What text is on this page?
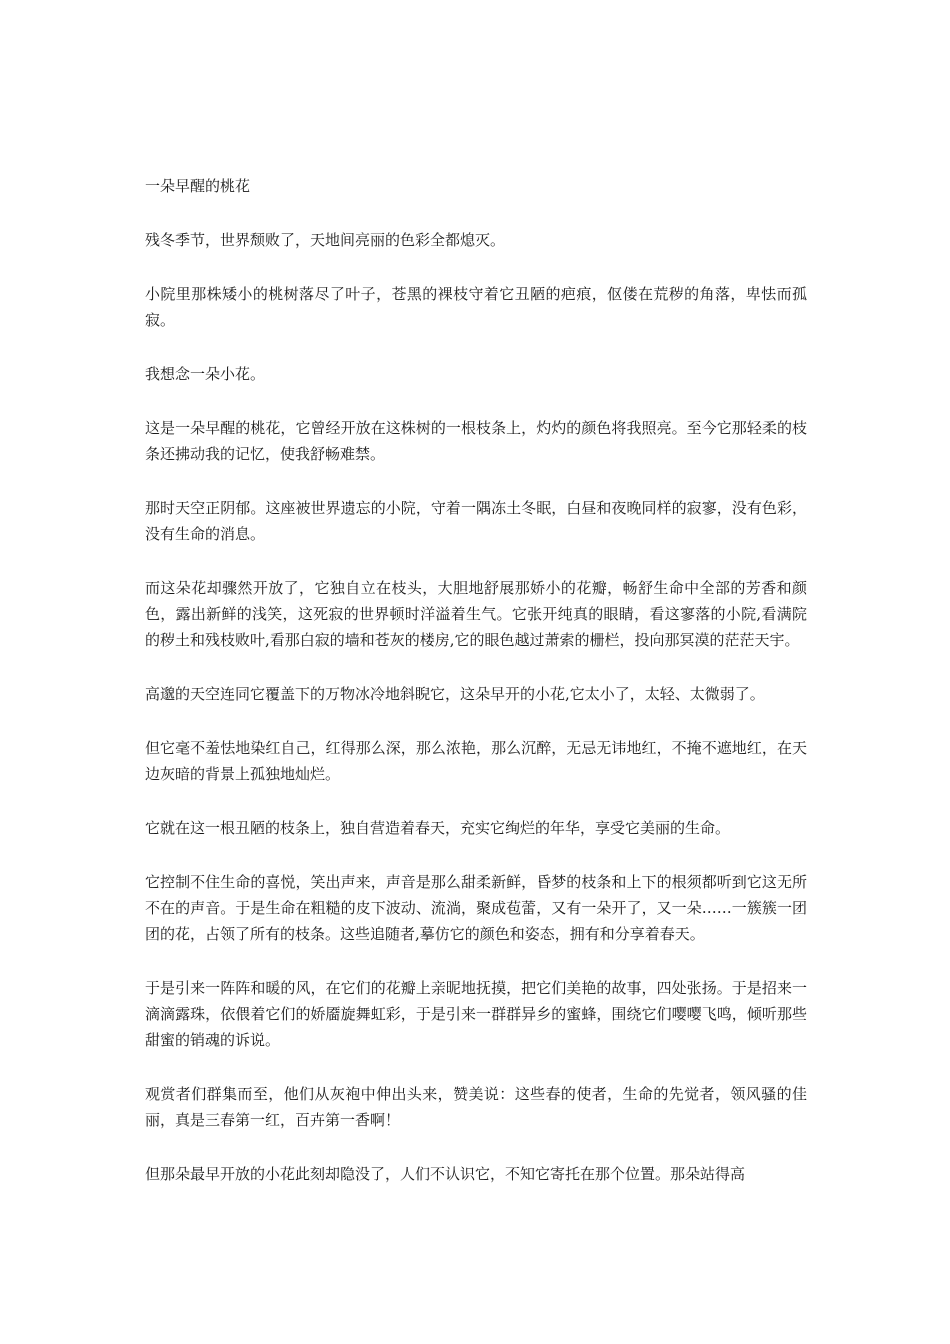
一朵早醒的桃花

残冬季节，世界颓败了，天地间亮丽的色彩全都熄灭。

小院里那株矮小的桃树落尽了叶子，苍黑的裸枝守着它丑陋的疤痕，伛偻在荒秽的角落，卑怯而孤寂。

我想念一朵小花。

这是一朵早醒的桃花，它曾经开放在这株树的一根枝条上，灼灼的颜色将我照亮。至今它那轻柔的枝条还拂动我的记忆，使我舒畅难禁。

那时天空正阴郁。这座被世界遗忘的小院，守着一隅冻土冬眠，白昼和夜晚同样的寂寥，没有色彩，没有生命的消息。

而这朵花却骤然开放了，它独自立在枝头，大胆地舒展那娇小的花瓣，畅舒生命中全部的芳香和颜色，露出新鲜的浅笑，这死寂的世界顿时洋溢着生气。它张开纯真的眼睛，看这寥落的小院,看满院的秽土和残枝败叶,看那白寂的墙和苍灰的楼房,它的眼色越过萧索的栅栏，投向那冥漠的茫茫天宇。

高邈的天空连同它覆盖下的万物冰冷地斜睨它，这朵早开的小花,它太小了，太轻、太微弱了。

但它毫不羞怯地染红自己，红得那么深，那么浓艳，那么沉醉，无忌无讳地红，不掩不遮地红，在天边灰暗的背景上孤独地灿烂。

它就在这一根丑陋的枝条上，独自营造着春天，充实它绚烂的年华，享受它美丽的生命。

它控制不住生命的喜悦，笑出声来，声音是那么甜柔新鲜，昏梦的枝条和上下的根须都听到它这无所不在的声音。于是生命在粗糙的皮下波动、流淌，聚成苞蕾，又有一朵开了，又一朵……一簇簇一团团的花，占领了所有的枝条。这些追随者,摹仿它的颜色和姿态，拥有和分享着春天。

于是引来一阵阵和暖的风，在它们的花瓣上亲昵地抚摸，把它们美艳的故事，四处张扬。于是招来一滴滴露珠，依偎着它们的娇靥旋舞虹彩，于是引来一群群异乡的蜜蜂，围绕它们嘤嘤飞鸣，倾听那些甜蜜的销魂的诉说。

观赏者们群集而至，他们从灰袍中伸出头来，赞美说：这些春的使者，生命的先觉者，领风骚的佳丽，真是三春第一红，百卉第一香啊！

但那朵最早开放的小花此刻却隐没了，人们不认识它，不知它寄托在那个位置。那朵站得高
